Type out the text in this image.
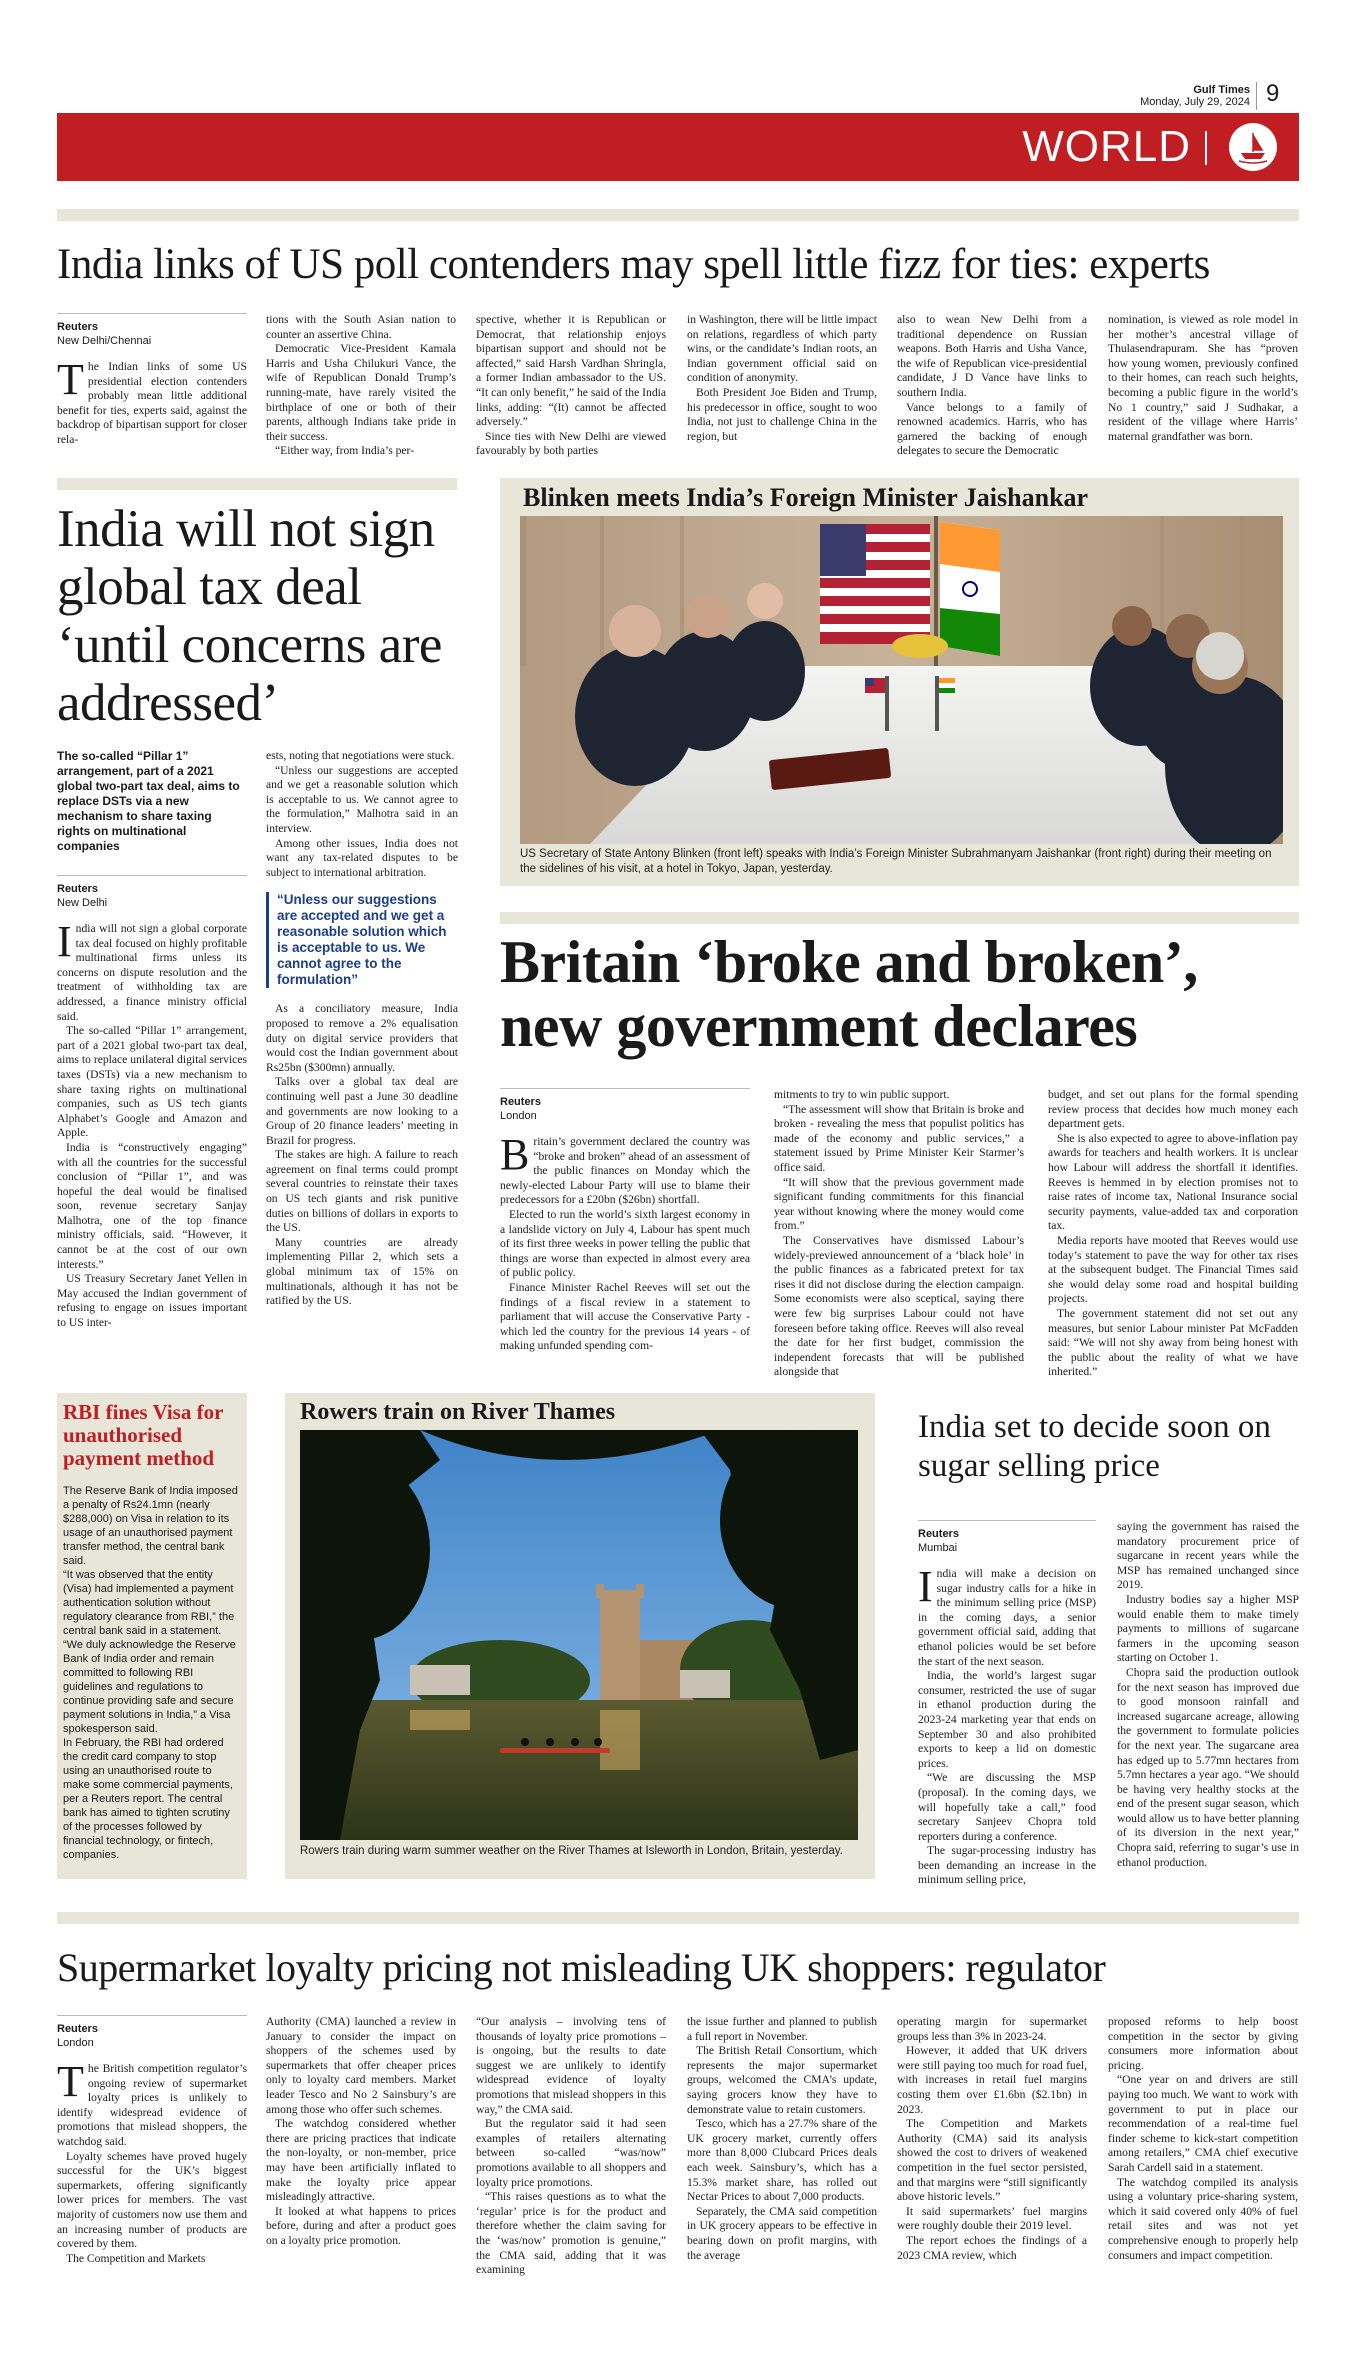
Gulf Times
Monday, July 29, 2024 9
WORLD
India links of US poll contenders may spell little fizz for ties: experts
Reuters
New Delhi/Chennai

The Indian links of some US presidential election contenders probably mean little additional benefit for ties, experts said, against the backdrop of bipartisan support for closer rela-

tions with the South Asian nation to counter an assertive China.

Democratic Vice-President Kamala Harris and Usha Chilukuri Vance, the wife of Republican Donald Trump’s running-mate, have rarely visited the birthplace of one or both of their parents, although Indians take pride in their success.

“Either way, from India’s per-

spective, whether it is Republican or Democrat, that relationship enjoys bipartisan support and should not be affected,” said Harsh Vardhan Shringla, a former Indian ambassador to the US. “It can only benefit,” he said of the India links, adding: “(It) cannot be affected adversely.”

Since ties with New Delhi are viewed favourably by both parties

in Washington, there will be little impact on relations, regardless of which party wins, or the candidate’s Indian roots, an Indian government official said on condition of anonymity.

Both President Joe Biden and Trump, his predecessor in office, sought to woo India, not just to challenge China in the region, but

also to wean New Delhi from a traditional dependence on Russian weapons. Both Harris and Usha Vance, the wife of Republican vice-presidential candidate, J D Vance have links to southern India.

Vance belongs to a family of renowned academics. Harris, who has garnered the backing of enough delegates to secure the Democratic

nomination, is viewed as role model in her mother’s ancestral village of Thulasendrapuram. She has “proven how young women, previously confined to their homes, can reach such heights, becoming a public figure in the world’s No 1 country,” said J Sudhakar, a resident of the village where Harris’ maternal grandfather was born.

India will not sign global tax deal ‘until concerns are addressed’
The so-called “Pillar 1” arrangement, part of a 2021 global two-part tax deal, aims to replace DSTs via a new mechanism to share taxing rights on multinational companies
Reuters
New Delhi

India will not sign a global corporate tax deal focused on highly profitable multinational firms unless its concerns on dispute resolution and the treatment of withholding tax are addressed, a finance ministry official said.

The so-called “Pillar 1” arrangement, part of a 2021 global two-part tax deal, aims to replace unilateral digital services taxes (DSTs) via a new mechanism to share taxing rights on multinational companies, such as US tech giants Alphabet’s Google and Amazon and Apple.

India is “constructively engaging” with all the countries for the successful conclusion of “Pillar 1”, and was hopeful the deal would be finalised soon, revenue secretary Sanjay Malhotra, one of the top finance ministry officials, said. “However, it cannot be at the cost of our own interests.”

US Treasury Secretary Janet Yellen in May accused the Indian government of refusing to engage on issues important to US inter-

ests, noting that negotiations were stuck.

“Unless our suggestions are accepted and we get a reasonable solution which is acceptable to us. We cannot agree to the formulation,” Malhotra said in an interview.

Among other issues, India does not want any tax-related disputes to be subject to international arbitration.

“Unless our suggestions are accepted and we get a reasonable solution which is acceptable to us. We cannot agree to the formulation”

As a conciliatory measure, India proposed to remove a 2% equalisation duty on digital service providers that would cost the Indian government about Rs25bn ($300mn) annually.

Talks over a global tax deal are continuing well past a June 30 deadline and governments are now looking to a Group of 20 finance leaders’ meeting in Brazil for progress.

The stakes are high. A failure to reach agreement on final terms could prompt several countries to reinstate their taxes on US tech giants and risk punitive duties on billions of dollars in exports to the US.

Many countries are already implementing Pillar 2, which sets a global minimum tax of 15% on multinationals, although it has not be ratified by the US.

Blinken meets India’s Foreign Minister Jaishankar
US Secretary of State Antony Blinken (front left) speaks with India’s Foreign Minister Subrahmanyam Jaishankar (front right) during their meeting on the sidelines of his visit, at a hotel in Tokyo, Japan, yesterday.
Britain ‘broke and broken’, new government declares
Reuters
London

Britain’s government declared the country was “broke and broken” ahead of an assessment of the public finances on Monday which the newly-elected Labour Party will use to blame their predecessors for a £20bn ($26bn) shortfall.

Elected to run the world’s sixth largest economy in a landslide victory on July 4, Labour has spent much of its first three weeks in power telling the public that things are worse than expected in almost every area of public policy.

Finance Minister Rachel Reeves will set out the findings of a fiscal review in a statement to parliament that will accuse the Conservative Party - which led the country for the previous 14 years - of making unfunded spending com-

mitments to try to win public support.

“The assessment will show that Britain is broke and broken - revealing the mess that populist politics has made of the economy and public services,” a statement issued by Prime Minister Keir Starmer’s office said.

“It will show that the previous government made significant funding commitments for this financial year without knowing where the money would come from.”

The Conservatives have dismissed Labour’s widely-previewed announcement of a ‘black hole’ in the public finances as a fabricated pretext for tax rises it did not disclose during the election campaign. Some economists were also sceptical, saying there were few big surprises Labour could not have foreseen before taking office. Reeves will also reveal the date for her first budget, commission the independent forecasts that will be published alongside that

budget, and set out plans for the formal spending review process that decides how much money each department gets.

She is also expected to agree to above-inflation pay awards for teachers and health workers. It is unclear how Labour will address the shortfall it identifies. Reeves is hemmed in by election promises not to raise rates of income tax, National Insurance social security payments, value-added tax and corporation tax.

Media reports have mooted that Reeves would use today’s statement to pave the way for other tax rises at the subsequent budget. The Financial Times said she would delay some road and hospital building projects.

The government statement did not set out any measures, but senior Labour minister Pat McFadden said: “We will not shy away from being honest with the public about the reality of what we have inherited.”

RBI fines Visa for unauthorised payment method

The Reserve Bank of India imposed a penalty of Rs24.1mn (nearly $288,000) on Visa in relation to its usage of an unauthorised payment transfer method, the central bank said.

“It was observed that the entity (Visa) had implemented a payment authentication solution without regulatory clearance from RBI,” the central bank said in a statement.

“We duly acknowledge the Reserve Bank of India order and remain committed to following RBI guidelines and regulations to continue providing safe and secure payment solutions in India,” a Visa spokesperson said.

In February, the RBI had ordered the credit card company to stop using an unauthorised route to make some commercial payments, per a Reuters report. The central bank has aimed to tighten scrutiny of the processes followed by financial technology, or fintech, companies.

Rowers train on River Thames
Rowers train during warm summer weather on the River Thames at Isleworth in London, Britain, yesterday.
India set to decide soon on sugar selling price
Reuters
Mumbai

India will make a decision on sugar industry calls for a hike in the minimum selling price (MSP) in the coming days, a senior government official said, adding that ethanol policies would be set before the start of the next season.

India, the world’s largest sugar consumer, restricted the use of sugar in ethanol production during the 2023-24 marketing year that ends on September 30 and also prohibited exports to keep a lid on domestic prices.

“We are discussing the MSP (proposal). In the coming days, we will hopefully take a call,” food secretary Sanjeev Chopra told reporters during a conference.

The sugar-processing industry has been demanding an increase in the minimum selling price,

saying the government has raised the mandatory procurement price of sugarcane in recent years while the MSP has remained unchanged since 2019.

Industry bodies say a higher MSP would enable them to make timely payments to millions of sugarcane farmers in the upcoming season starting on October 1.

Chopra said the production outlook for the next season has improved due to good monsoon rainfall and increased sugarcane acreage, allowing the government to formulate policies for the next year. The sugarcane area has edged up to 5.77mn hectares from 5.7mn hectares a year ago. “We should be having very healthy stocks at the end of the present sugar season, which would allow us to have better planning of its diversion in the next year,” Chopra said, referring to sugar’s use in ethanol production.

Supermarket loyalty pricing not misleading UK shoppers: regulator
Reuters
London

The British competition regulator’s ongoing review of supermarket loyalty prices is unlikely to identify widespread evidence of promotions that mislead shoppers, the watchdog said.

Loyalty schemes have proved hugely successful for the UK’s biggest supermarkets, offering significantly lower prices for members. The vast majority of customers now use them and an increasing number of products are covered by them.

The Competition and Markets

Authority (CMA) launched a review in January to consider the impact on shoppers of the schemes used by supermarkets that offer cheaper prices only to loyalty card members. Market leader Tesco and No 2 Sainsbury’s are among those who offer such schemes.

The watchdog considered whether there are pricing practices that indicate the non-loyalty, or non-member, price may have been artificially inflated to make the loyalty price appear misleadingly attractive.

It looked at what happens to prices before, during and after a product goes on a loyalty price promotion.

“Our analysis – involving tens of thousands of loyalty price promotions – is ongoing, but the results to date suggest we are unlikely to identify widespread evidence of loyalty promotions that mislead shoppers in this way,” the CMA said.

But the regulator said it had seen examples of retailers alternating between so-called “was/now” promotions available to all shoppers and loyalty price promotions.

“This raises questions as to what the ‘regular’ price is for the product and therefore whether the claim saving for the ‘was/now’ promotion is genuine,” the CMA said, adding that it was examining

the issue further and planned to publish a full report in November.

The British Retail Consortium, which represents the major supermarket groups, welcomed the CMA’s update, saying grocers know they have to demonstrate value to retain customers.

Tesco, which has a 27.7% share of the UK grocery market, currently offers more than 8,000 Clubcard Prices deals each week. Sainsbury’s, which has a 15.3% market share, has rolled out Nectar Prices to about 7,000 products.

Separately, the CMA said competition in UK grocery appears to be effective in bearing down on profit margins, with the average

operating margin for supermarket groups less than 3% in 2023-24.

However, it added that UK drivers were still paying too much for road fuel, with increases in retail fuel margins costing them over £1.6bn ($2.1bn) in 2023.

The Competition and Markets Authority (CMA) said its analysis showed the cost to drivers of weakened competition in the fuel sector persisted, and that margins were “still significantly above historic levels.”

It said supermarkets’ fuel margins were roughly double their 2019 level.

The report echoes the findings of a 2023 CMA review, which

proposed reforms to help boost competition in the sector by giving consumers more information about pricing.

“One year on and drivers are still paying too much. We want to work with government to put in place our recommendation of a real-time fuel finder scheme to kick-start competition among retailers,” CMA chief executive Sarah Cardell said in a statement.

The watchdog compiled its analysis using a voluntary price-sharing system, which it said covered only 40% of fuel retail sites and was not yet comprehensive enough to properly help consumers and impact competition.
